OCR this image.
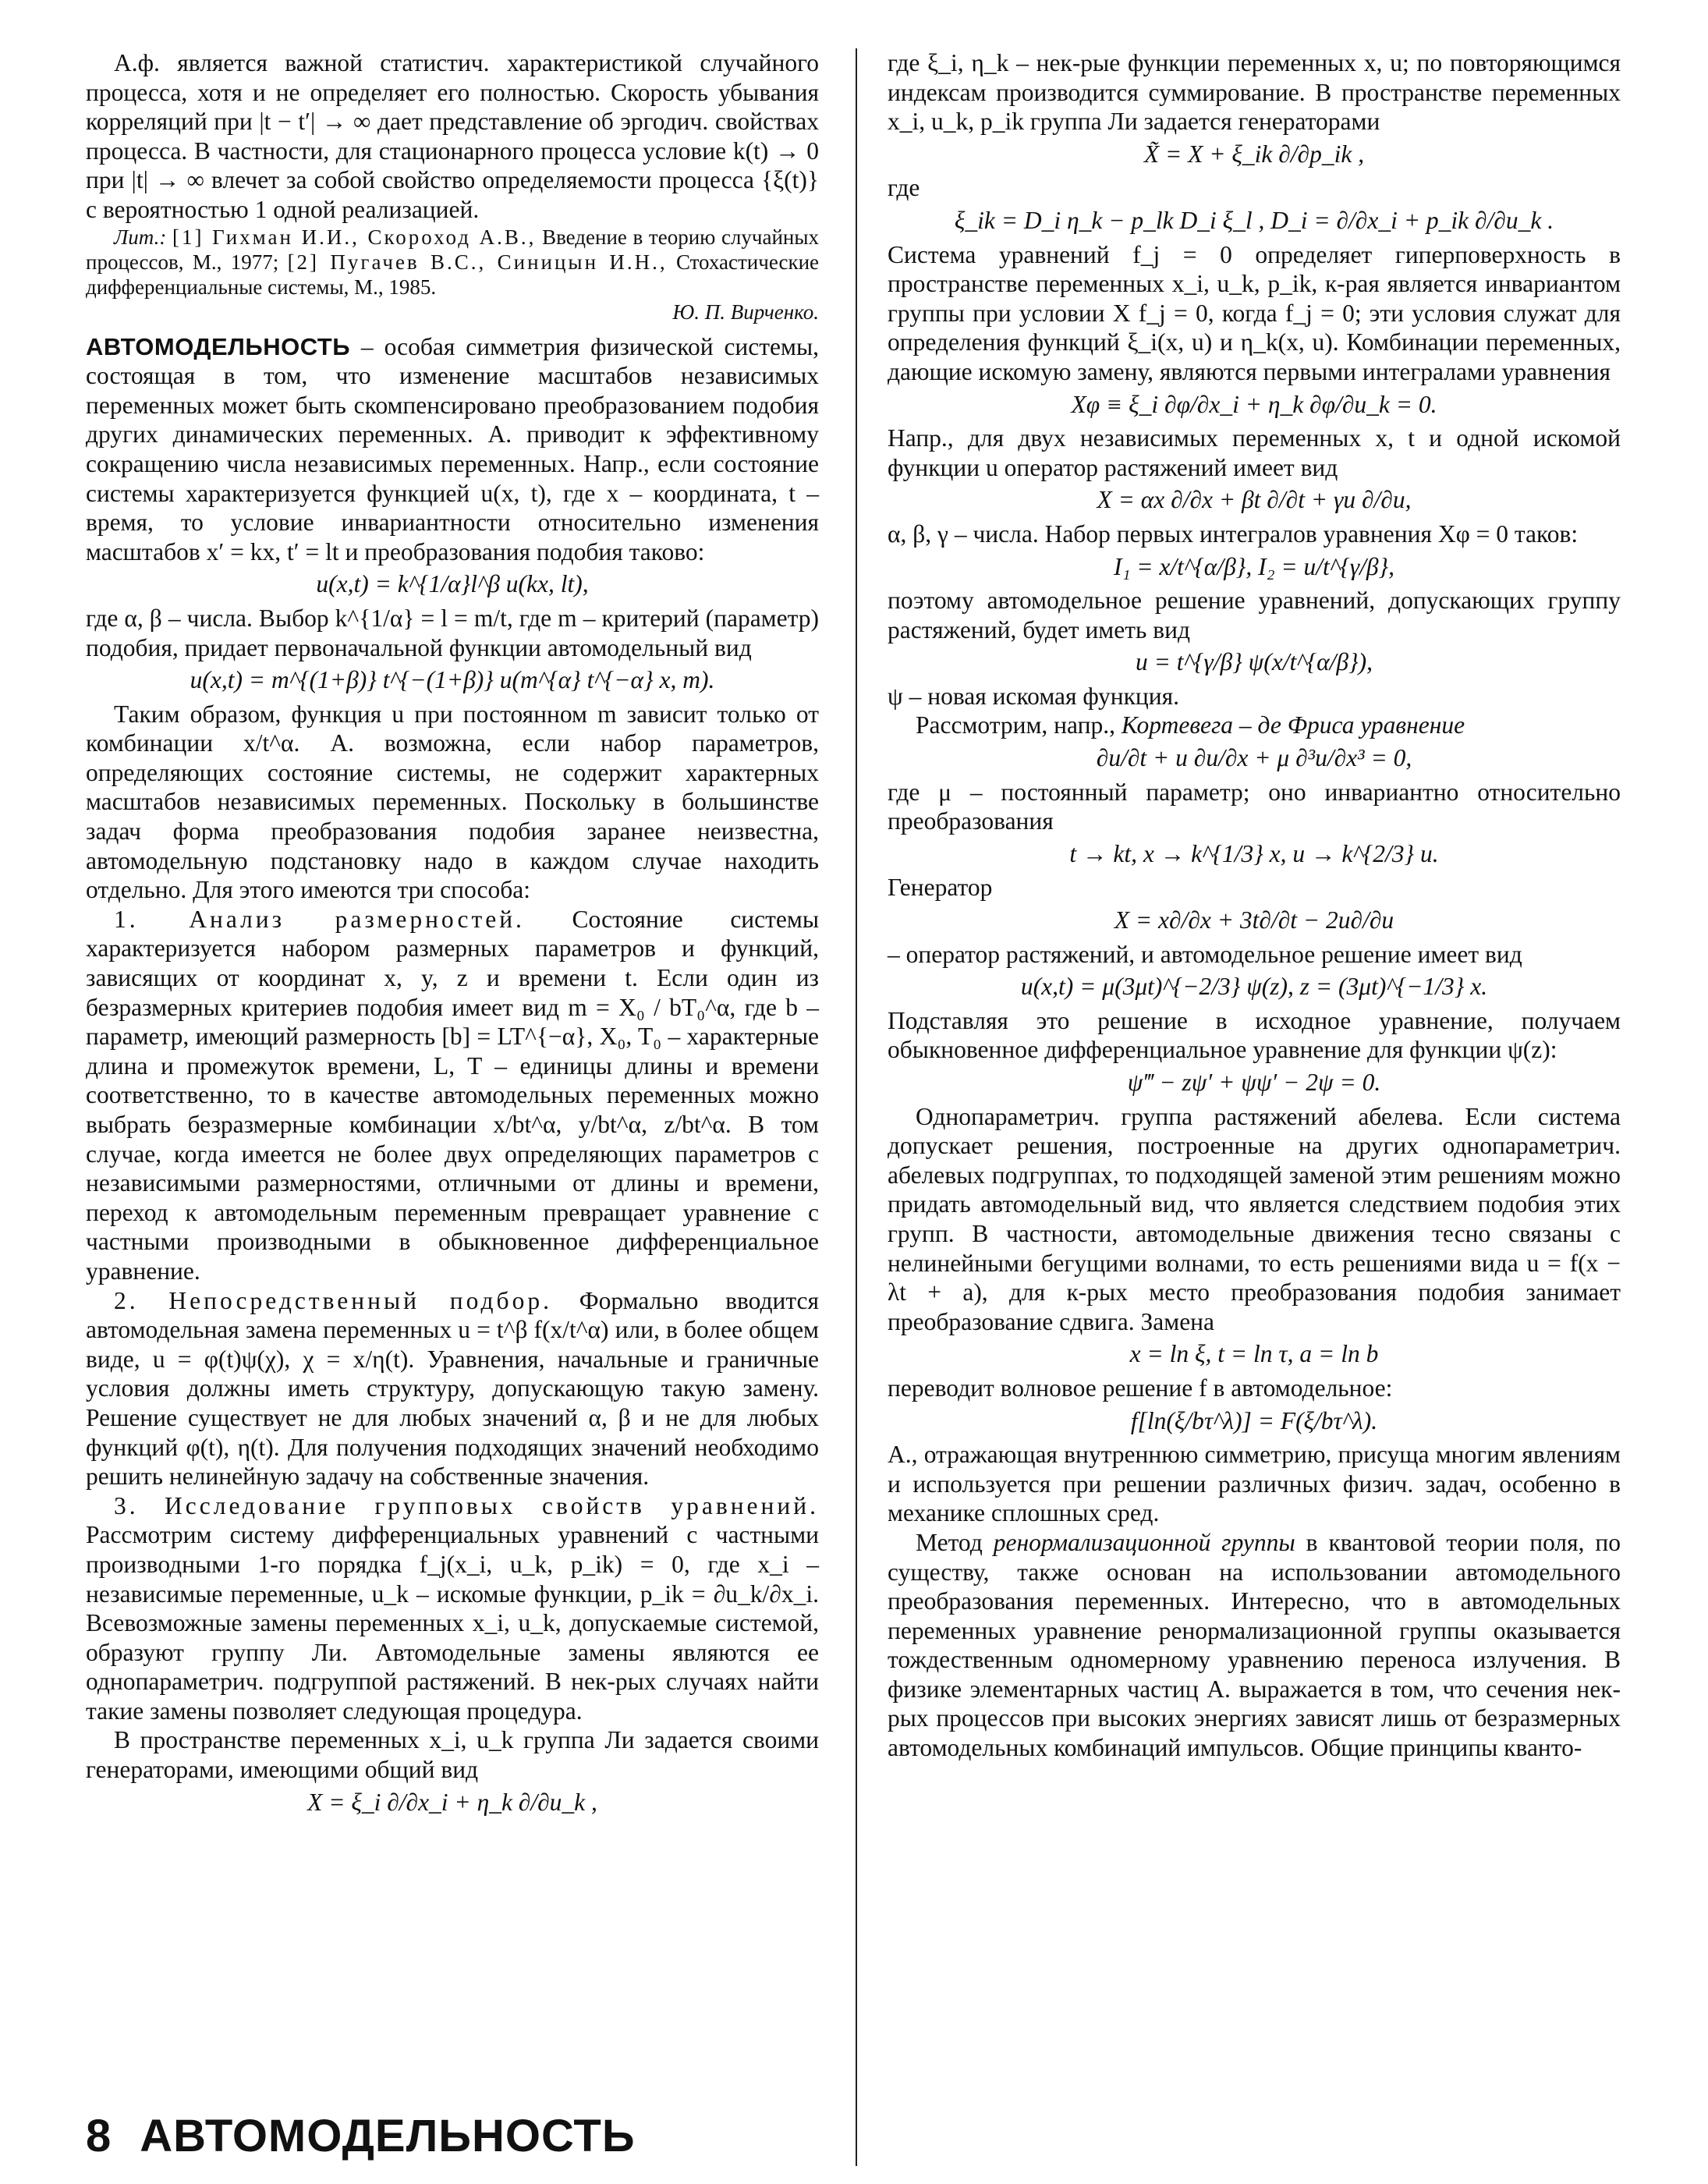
А.ф. является важной статистич. характеристикой случайного процесса, хотя и не определяет его полностью. Скорость убывания корреляций при |t − t′| → ∞ дает представление об эргодич. свойствах процесса. В частности, для стационарного процесса условие k(t) → 0 при |t| → ∞ влечет за собой свойство определяемости процесса {ξ(t)} с вероятностью 1 одной реализацией.

Лит.: [1] Гихман И.И., Скороход А.В., Введение в теорию случайных процессов, М., 1977; [2] Пугачев В.С., Синицын И.Н., Стохастические дифференциальные системы, М., 1985.

Ю. П. Вирченко.

АВТОМОДЕЛЬНОСТЬ – особая симметрия физической системы, состоящая в том, что изменение масштабов независимых переменных может быть скомпенсировано преобразованием подобия других динамических переменных. А. приводит к эффективному сокращению числа независимых переменных. Напр., если состояние системы характеризуется функцией u(x, t), где x – координата, t – время, то условие инвариантности относительно изменения масштабов x′ = kx, t′ = lt и преобразования подобия таково:

u(x,t) = k^{1/α}l^β u(kx, lt),

где α, β – числа. Выбор k^{1/α} = l = m/t, где m – критерий (параметр) подобия, придает первоначальной функции автомодельный вид

u(x,t) = m^{(1+β)} t^{−(1+β)} u(m^{α} t^{−α} x, m).

Таким образом, функция u при постоянном m зависит только от комбинации x/t^α. А. возможна, если набор параметров, определяющих состояние системы, не содержит характерных масштабов независимых переменных. Поскольку в большинстве задач форма преобразования подобия заранее неизвестна, автомодельную подстановку надо в каждом случае находить отдельно. Для этого имеются три способа:

1. Анализ размерностей. Состояние системы характеризуется набором размерных параметров и функций, зависящих от координат x, y, z и времени t. Если один из безразмерных критериев подобия имеет вид m = X₀ / bT₀^α, где b – параметр, имеющий размерность [b] = LT^{−α}, X₀, T₀ – характерные длина и промежуток времени, L, T – единицы длины и времени соответственно, то в качестве автомодельных переменных можно выбрать безразмерные комбинации x/bt^α, y/bt^α, z/bt^α. В том случае, когда имеется не более двух определяющих параметров с независимыми размерностями, отличными от длины и времени, переход к автомодельным переменным превращает уравнение с частными производными в обыкновенное дифференциальное уравнение.

2. Непосредственный подбор. Формально вводится автомодельная замена переменных u = t^β f(x/t^α) или, в более общем виде, u = φ(t)ψ(χ), χ = x/η(t). Уравнения, начальные и граничные условия должны иметь структуру, допускающую такую замену. Решение существует не для любых значений α, β и не для любых функций φ(t), η(t). Для получения подходящих значений необходимо решить нелинейную задачу на собственные значения.

3. Исследование групповых свойств уравнений. Рассмотрим систему дифференциальных уравнений с частными производными 1-го порядка f_j(x_i, u_k, p_ik) = 0, где x_i – независимые переменные, u_k – искомые функции, p_ik = ∂u_k/∂x_i. Всевозможные замены переменных x_i, u_k, допускаемые системой, образуют группу Ли. Автомодельные замены являются ее однопараметрич. подгруппой растяжений. В нек-рых случаях найти такие замены позволяет следующая процедура.

В пространстве переменных x_i, u_k группа Ли задается своими генераторами, имеющими общий вид

X = ξ_i ∂/∂x_i + η_k ∂/∂u_k ,

где ξ_i, η_k – нек-рые функции переменных x, u; по повторяющимся индексам производится суммирование. В пространстве переменных x_i, u_k, p_ik группа Ли задается генераторами

X̃ = X + ξ_ik ∂/∂p_ik ,

где

ξ_ik = D_i η_k − p_lk D_i ξ_l , D_i = ∂/∂x_i + p_ik ∂/∂u_k .

Система уравнений f_j = 0 определяет гиперповерхность в пространстве переменных x_i, u_k, p_ik, к-рая является инвариантом группы при условии X f_j = 0, когда f_j = 0; эти условия служат для определения функций ξ_i(x, u) и η_k(x, u). Комбинации переменных, дающие искомую замену, являются первыми интегралами уравнения

Xφ ≡ ξ_i ∂φ/∂x_i + η_k ∂φ/∂u_k = 0.

Напр., для двух независимых переменных x, t и одной искомой функции u оператор растяжений имеет вид

X = αx ∂/∂x + βt ∂/∂t + γu ∂/∂u,

α, β, γ – числа. Набор первых интегралов уравнения Xφ = 0 таков:

I₁ = x/t^{α/β}, I₂ = u/t^{γ/β},

поэтому автомодельное решение уравнений, допускающих группу растяжений, будет иметь вид

u = t^{γ/β} ψ(x/t^{α/β}),

ψ – новая искомая функция.

Рассмотрим, напр., Кортевега – де Фриса уравнение

∂u/∂t + u ∂u/∂x + μ ∂³u/∂x³ = 0,

где μ – постоянный параметр; оно инвариантно относительно преобразования

t → kt, x → k^{1/3} x, u → k^{2/3} u.

Генератор

X = x∂/∂x + 3t∂/∂t − 2u∂/∂u

– оператор растяжений, и автомодельное решение имеет вид

u(x,t) = μ(3μt)^{−2/3} ψ(z), z = (3μt)^{−1/3} x.

Подставляя это решение в исходное уравнение, получаем обыкновенное дифференциальное уравнение для функции ψ(z):

ψ‴ − zψ′ + ψψ′ − 2ψ = 0.

Однопараметрич. группа растяжений абелева. Если система допускает решения, построенные на других однопараметрич. абелевых подгруппах, то подходящей заменой этим решениям можно придать автомодельный вид, что является следствием подобия этих групп. В частности, автомодельные движения тесно связаны с нелинейными бегущими волнами, то есть решениями вида u = f(x − λt + a), для к-рых место преобразования подобия занимает преобразование сдвига. Замена

x = ln ξ, t = ln τ, a = ln b

переводит волновое решение f в автомодельное:

f[ln(ξ/bτ^λ)] = F(ξ/bτ^λ).

А., отражающая внутреннюю симметрию, присуща многим явлениям и используется при решении различных физич. задач, особенно в механике сплошных сред.

Метод ренормализационной группы в квантовой теории поля, по существу, также основан на использовании автомодельного преобразования переменных. Интересно, что в автомодельных переменных уравнение ренормализационной группы оказывается тождественным одномерному уравнению переноса излучения. В физике элементарных частиц А. выражается в том, что сечения нек-рых процессов при высоких энергиях зависят лишь от безразмерных автомодельных комбинаций импульсов. Общие принципы кванто-

8 АВТОМОДЕЛЬНОСТЬ
